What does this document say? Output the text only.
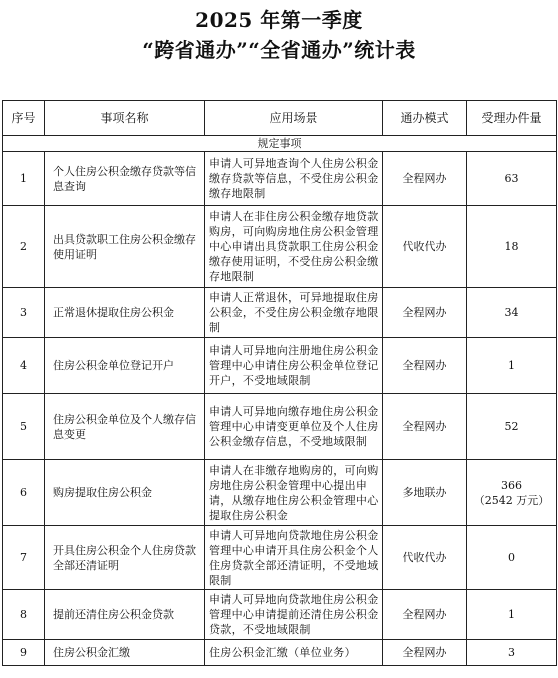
2025 年第一季度
“跨省通办”“全省通办”统计表
序号	事项名称	应用场景	通办模式	受理办件量
规定事项				
1	个人住房公积金缴存贷款等信息查询	申请人可异地查询个人住房公积金缴存贷款等信息，不受住房公积金缴存地限制	全程网办	63

2	出具贷款职工住房公积金缴存使用证明	申请人在非住房公积金缴存地贷款购房，可向购房地住房公积金管理中心申请出具贷款职工住房公积金缴存使用证明，不受住房公积金缴存地限制	代收代办	18

3	正常退休提取住房公积金	申请人正常退休，可异地提取住房公积金，不受住房公积金缴存地限制	全程网办	34

4	住房公积金单位登记开户	申请人可异地向注册地住房公积金管理中心申请住房公积金单位登记开户，不受地域限制	全程网办	1

5	住房公积金单位及个人缴存信息变更	申请人可异地向缴存地住房公积金管理中心申请变更单位及个人住房公积金缴存信息，不受地域限制	全程网办	52

6	购房提取住房公积金	申请人在非缴存地购房的，可向购房地住房公积金管理中心提出申请，从缴存地住房公积金管理中心提取住房公积金	多地联办	366
（2542 万元）

7	开具住房公积金个人住房贷款全部还清证明	申请人可异地向贷款地住房公积金管理中心申请开具住房公积金个人住房贷款全部还清证明，不受地域限制	代收代办	0

8	提前还清住房公积金贷款	申请人可异地向贷款地住房公积金管理中心申请提前还清住房公积金贷款，不受地域限制	全程网办	1

9	住房公积金汇缴	住房公积金汇缴（单位业务）	全程网办	3
